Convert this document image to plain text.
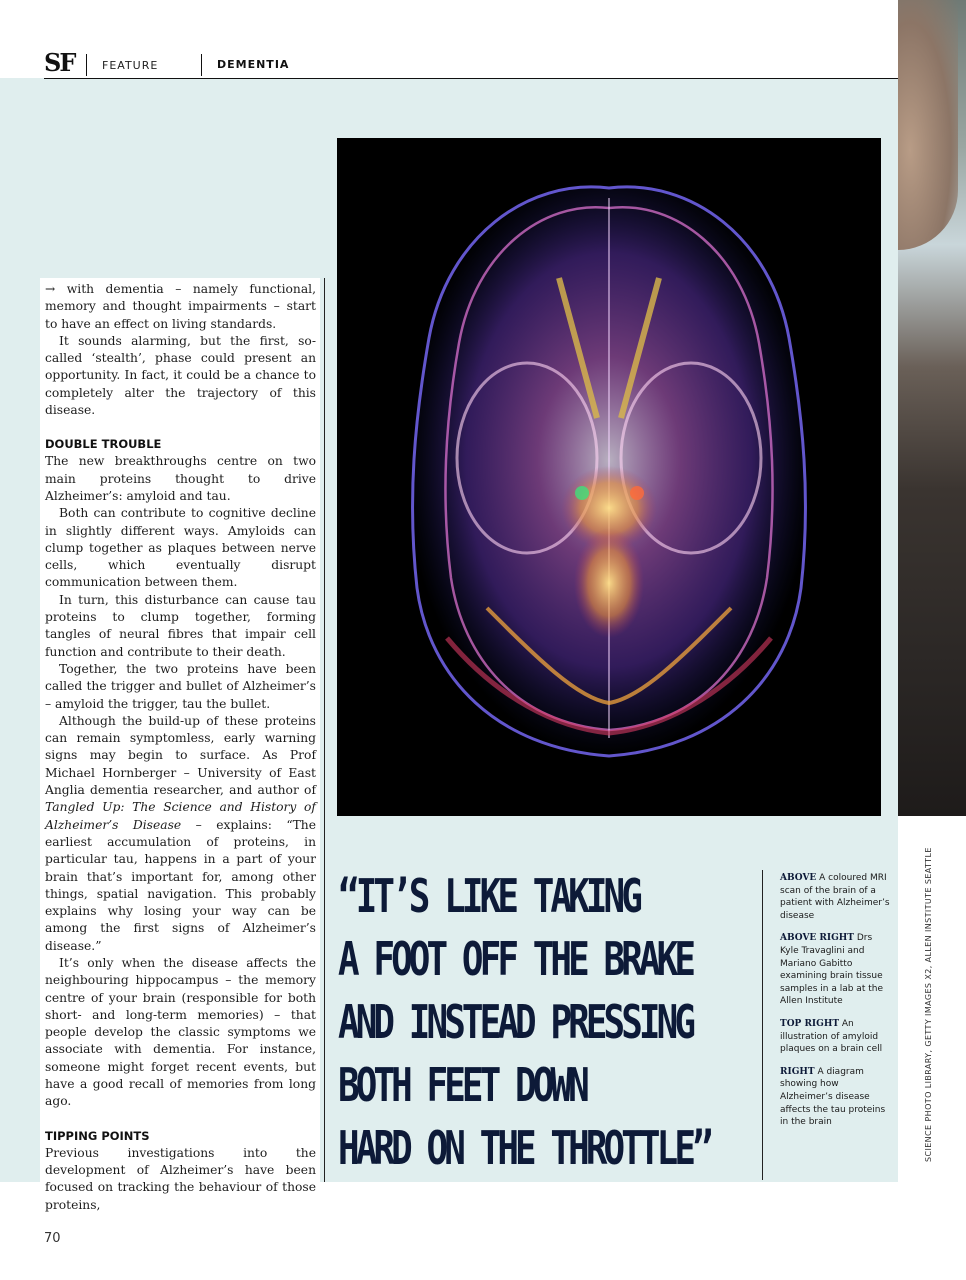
SF	FEATURE	DEMENTIA

→ with dementia – namely functional, memory and thought impairments – start to have an effect on living standards.

It sounds alarming, but the first, so-called ‘stealth’, phase could present an opportunity. In fact, it could be a chance to completely alter the trajectory of this disease.

DOUBLE TROUBLE

The new breakthroughs centre on two main proteins thought to drive Alzheimer’s: amyloid and tau.

Both can contribute to cognitive decline in slightly different ways. Amyloids can clump together as plaques between nerve cells, which eventually disrupt communication between them.

In turn, this disturbance can cause tau proteins to clump together, forming tangles of neural fibres that impair cell function and contribute to their death.

Together, the two proteins have been called the trigger and bullet of Alzheimer’s – amyloid the trigger, tau the bullet.

Although the build-up of these proteins can remain symptomless, early warning signs may begin to surface. As Prof Michael Hornberger – University of East Anglia dementia researcher, and author of Tangled Up: The Science and History of Alzheimer’s Disease – explains: “The earliest accumulation of proteins, in particular tau, happens in a part of your brain that’s important for, among other things, spatial navigation. This probably explains why losing your way can be among the first signs of Alzheimer’s disease.”

It’s only when the disease affects the neighbouring hippocampus – the memory centre of your brain (responsible for both short- and long-term memories) – that people develop the classic symptoms we associate with dementia. For instance, someone might forget recent events, but have a good recall of memories from long ago.

TIPPING POINTS

Previous investigations into the development of Alzheimer’s have been focused on tracking the behaviour of those proteins,

“IT’S LIKE TAKING
A FOOT OFF THE BRAKE
AND INSTEAD PRESSING
BOTH FEET DOWN
HARD ON THE THROTTLE”
ABOVE A coloured MRI scan of the brain of a patient with Alzheimer’s disease
ABOVE RIGHT Drs Kyle Travaglini and Mariano Gabitto examining brain tissue samples in a lab at the Allen Institute
TOP RIGHT An illustration of amyloid plaques on a brain cell
RIGHT A diagram showing how Alzheimer’s disease affects the tau proteins in the brain	SCIENCE PHOTO LIBRARY, GETTY IMAGES X2, ALLEN INSTITUTE SEATTLE
70
